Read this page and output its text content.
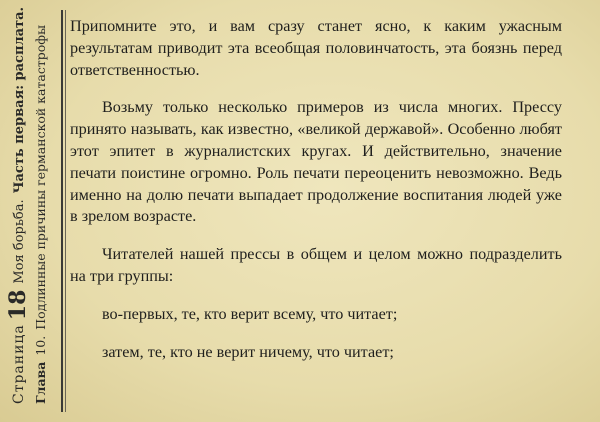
Страница18Моя борьба.Часть первая: расплата.
Глава10.Подлинные причины германской катастрофы Припомните это, и вам сразу станет ясно, к каким ужасным результатам приводит эта всеобщая половинчатость, эта боязнь перед ответственностью.

Возьму только несколько примеров из числа многих. Прессу принято называть, как известно, «великой державой». Особенно любят этот эпитет в журналистских кругах. И действительно, значение печати поистине огромно. Роль печати переоценить невозможно. Ведь именно на долю печати выпадает продолжение воспитания людей уже в зрелом возрасте.

Читателей нашей прессы в общем и целом можно подразделить на три группы:

во-первых, те, кто верит всему, что читает;

затем, те, кто не верит ничему, что читает;
